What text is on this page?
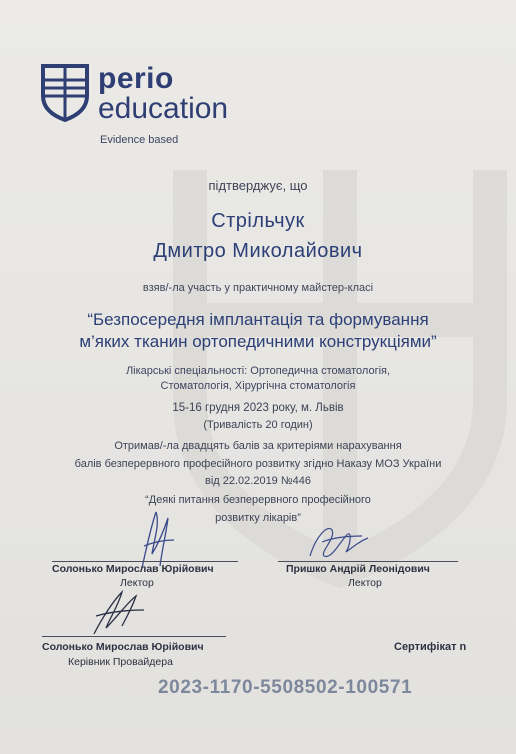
perio
education
Evidence based
підтверджує, що
Стрільчук
Дмитро Миколайович
взяв/-ла участь у практичному майстер-класі
“Безпосередня імплантація та формування
м’яких тканин ортопедичними конструкціями”
Лікарські спеціальності: Ортопедична стоматологія,
Стоматологія, Хірургічна стоматологія
15-16 грудня 2023 року, м. Львів
(Тривалість 20 годин)
Отримав/-ла двадцять балів за критеріями нарахування
балів безперервного професійного розвитку згідно Наказу МОЗ України
від 22.02.2019 №446
“Деякі питання безперервного професійного
розвитку лікарів”
Солонько Мирослав Юрійович
Лектор
Пришко Андрій Леонідович
Лектор
Солонько Мирослав Юрійович
Керівник Провайдера
Сертифікат n
2023-1170-5508502-100571
